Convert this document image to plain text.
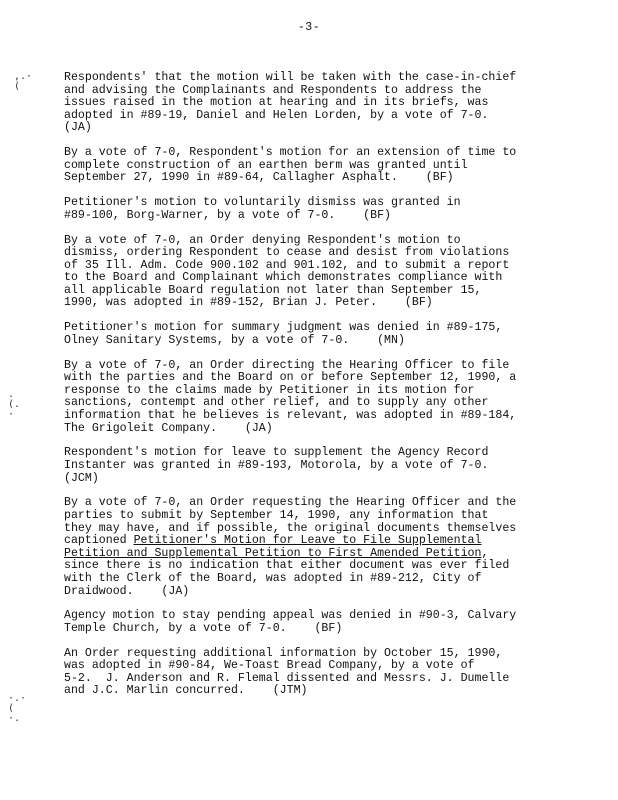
-3-
,.·
(
.
(.
·
·.·
(
·.
Respondents' that the motion will be taken with the case-in-chief
and advising the Complainants and Respondents to address the
issues raised in the motion at hearing and in its briefs, was
adopted in #89-19, Daniel and Helen Lorden, by a vote of 7-0.
(JA)
By a vote of 7-0, Respondent's motion for an extension of time to
complete construction of an earthen berm was granted until
September 27, 1990 in #89-64, Callagher Asphalt.    (BF)
Petitioner's motion to voluntarily dismiss was granted in
#89-100, Borg-Warner, by a vote of 7-0.    (BF)
By a vote of 7-0, an Order denying Respondent's motion to
dismiss, ordering Respondent to cease and desist from violations
of 35 Ill. Adm. Code 900.102 and 901.102, and to submit a report
to the Board and Complainant which demonstrates compliance with
all applicable Board regulation not later than September 15,
1990, was adopted in #89-152, Brian J. Peter.    (BF)
Petitioner's motion for summary judgment was denied in #89-175,
Olney Sanitary Systems, by a vote of 7-0.    (MN)
By a vote of 7-0, an Order directing the Hearing Officer to file
with the parties and the Board on or before September 12, 1990, a
response to the claims made by Petitioner in its motion for
sanctions, contempt and other relief, and to supply any other
information that he believes is relevant, was adopted in #89-184,
The Grigoleit Company.    (JA)
Respondent's motion for leave to supplement the Agency Record
Instanter was granted in #89-193, Motorola, by a vote of 7-0.
(JCM)
By a vote of 7-0, an Order requesting the Hearing Officer and the
parties to submit by September 14, 1990, any information that
they may have, and if possible, the original documents themselves
captioned Petitioner's Motion for Leave to File Supplemental
Petition and Supplemental Petition to First Amended Petition,
since there is no indication that either document was ever filed
with the Clerk of the Board, was adopted in #89-212, City of
Draidwood.    (JA)
Agency motion to stay pending appeal was denied in #90-3, Calvary
Temple Church, by a vote of 7-0.    (BF)
An Order requesting additional information by October 15, 1990,
was adopted in #90-84, We-Toast Bread Company, by a vote of
5-2.  J. Anderson and R. Flemal dissented and Messrs. J. Dumelle
and J.C. Marlin concurred.    (JTM)
